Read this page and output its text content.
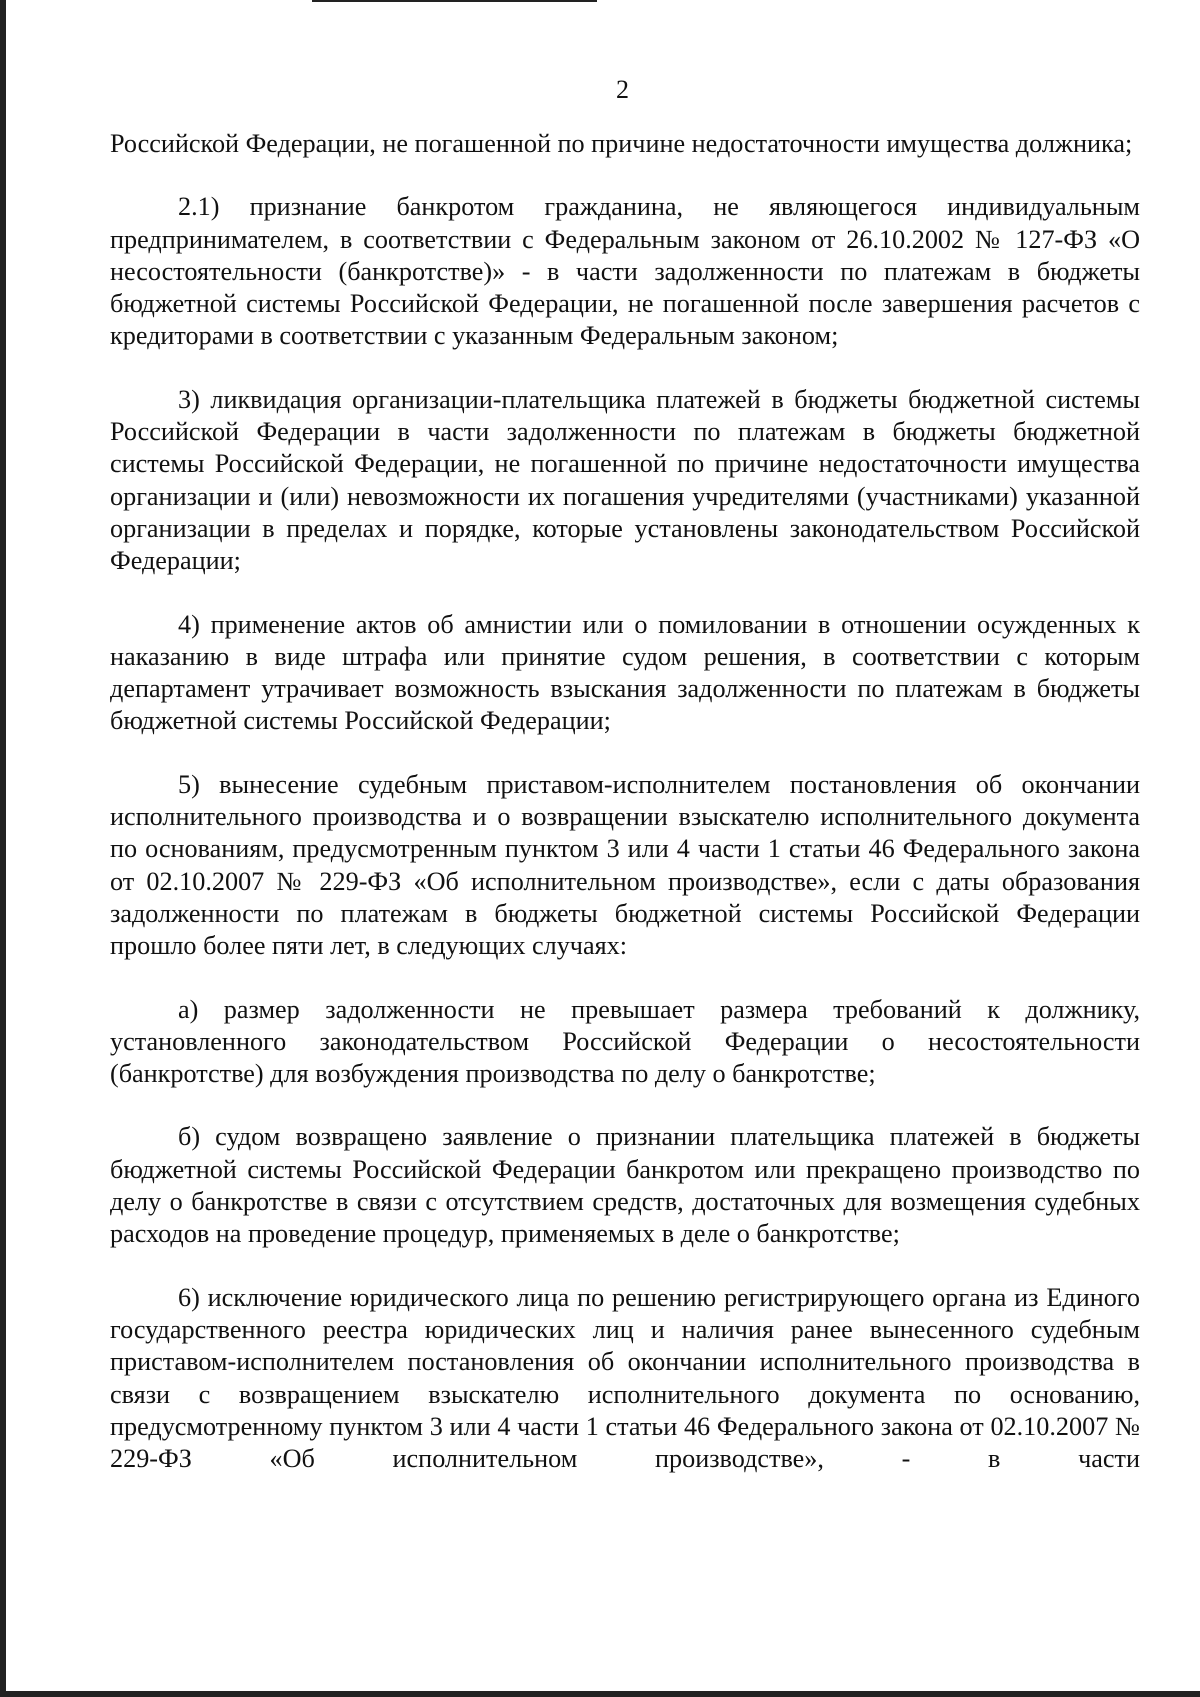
2

Российской Федерации, не погашенной по причине недостаточности имущества должника;

2.1) признание банкротом гражданина, не являющегося индивидуальным предпринимателем, в соответствии с Федеральным законом от 26.10.2002 № 127-ФЗ «О несостоятельности (банкротстве)» - в части задолженности по платежам в бюджеты бюджетной системы Российской Федерации, не погашенной после завершения расчетов с кредиторами в соответствии с указанным Федеральным законом;

3) ликвидация организации-плательщика платежей в бюджеты бюджетной системы Российской Федерации в части задолженности по платежам в бюджеты бюджетной системы Российской Федерации, не погашенной по причине недостаточности имущества организации и (или) невозможности их погашения учредителями (участниками) указанной организации в пределах и порядке, которые установлены законодательством Российской Федерации;

4) применение актов об амнистии или о помиловании в отношении осужденных к наказанию в виде штрафа или принятие судом решения, в соответствии с которым департамент утрачивает возможность взыскания задолженности по платежам в бюджеты бюджетной системы Российской Федерации;

5) вынесение судебным приставом-исполнителем постановления об окончании исполнительного производства и о возвращении взыскателю исполнительного документа по основаниям, предусмотренным пунктом 3 или 4 части 1 статьи 46 Федерального закона от 02.10.2007 № 229-ФЗ «Об исполнительном производстве», если с даты образования задолженности по платежам в бюджеты бюджетной системы Российской Федерации прошло более пяти лет, в следующих случаях:

а) размер задолженности не превышает размера требований к должнику, установленного законодательством Российской Федерации о несостоятельности (банкротстве) для возбуждения производства по делу о банкротстве;

б) судом возвращено заявление о признании плательщика платежей в бюджеты бюджетной системы Российской Федерации банкротом или прекращено производство по делу о банкротстве в связи с отсутствием средств, достаточных для возмещения судебных расходов на проведение процедур, применяемых в деле о банкротстве;

6) исключение юридического лица по решению регистрирующего органа из Единого государственного реестра юридических лиц и наличия ранее вынесенного судебным приставом-исполнителем постановления об окончании исполнительного производства в связи с возвращением взыскателю исполнительного документа по основанию, предусмотренному пунктом 3 или 4 части 1 статьи 46 Федерального закона от 02.10.2007 № 229-ФЗ «Об исполнительном производстве», - в части
